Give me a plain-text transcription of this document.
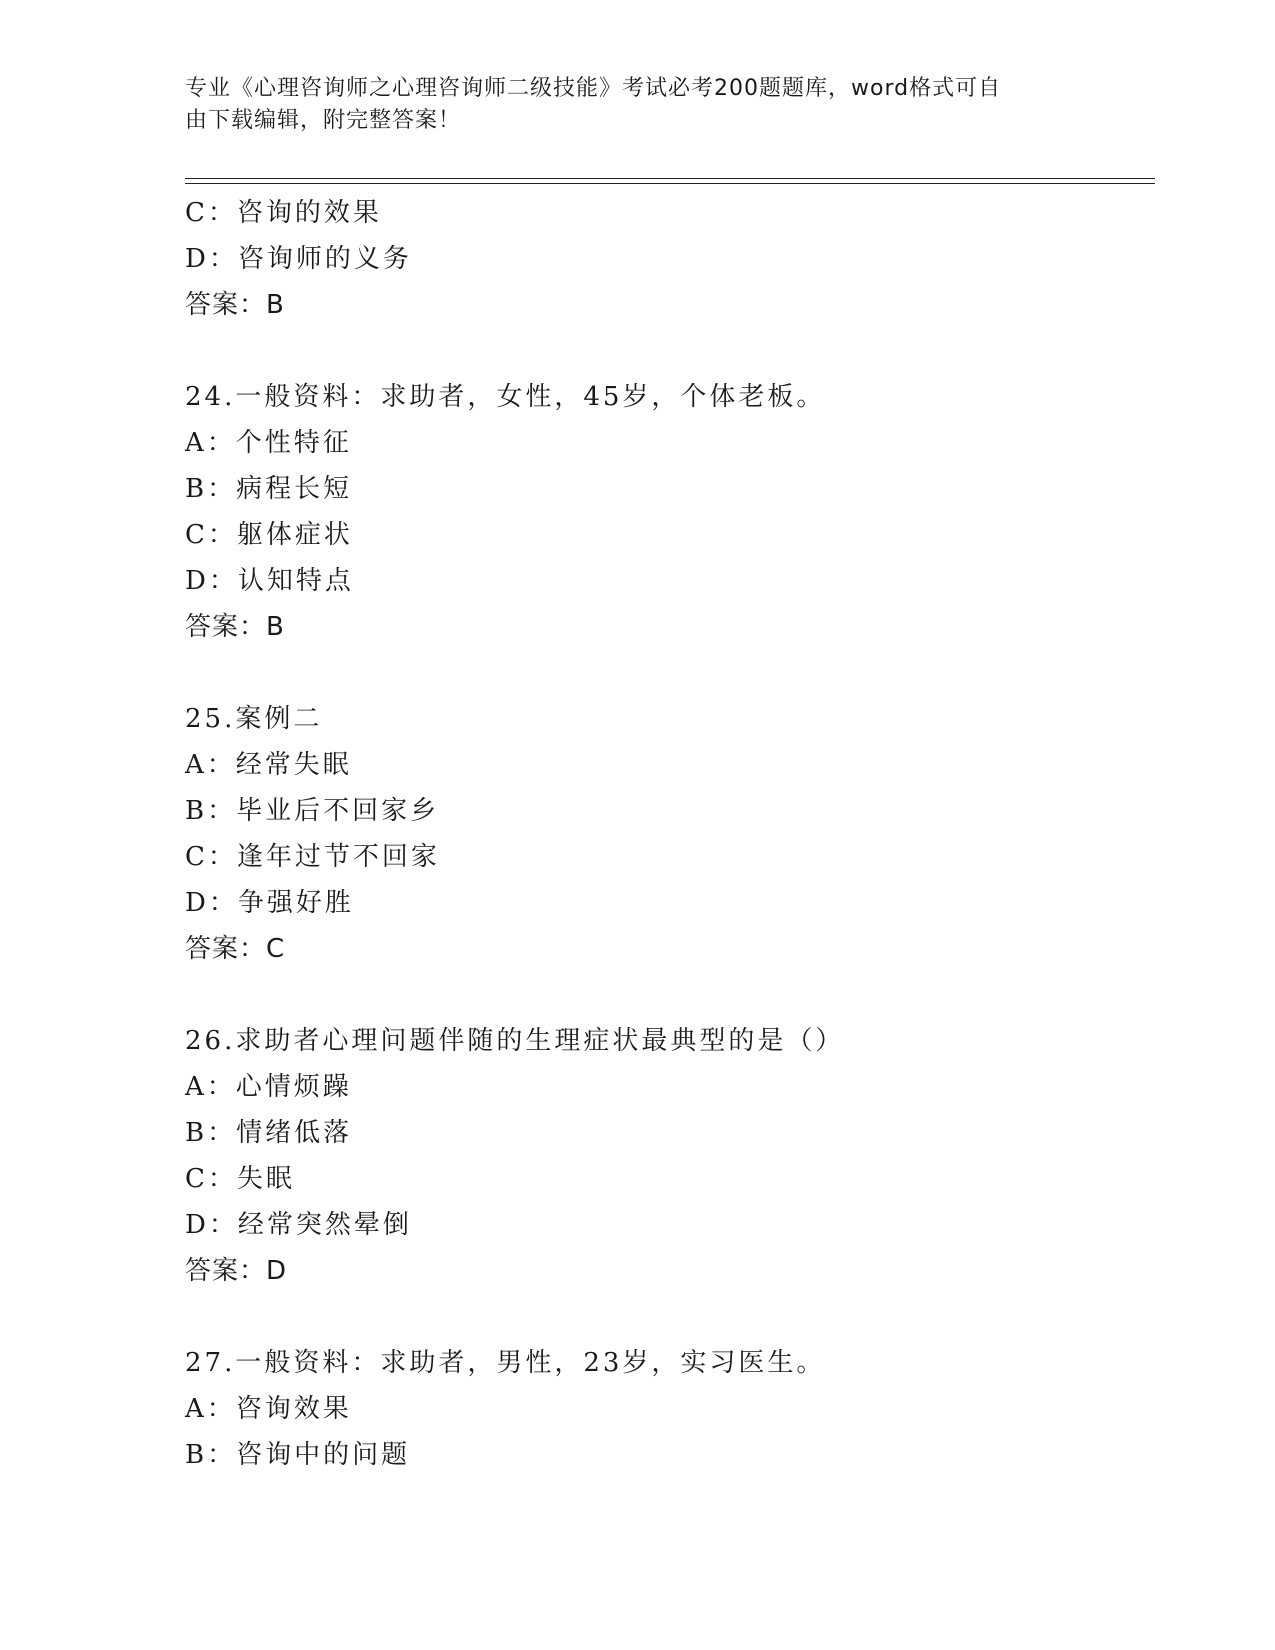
专业《心理咨询师之心理咨询师二级技能》考试必考200题题库，word格式可自
由下载编辑，附完整答案！
C：咨询的效果
D：咨询师的义务
答案：B
24.一般资料：求助者，女性，45岁，个体老板。
A：个性特征
B：病程长短
C：躯体症状
D：认知特点
答案：B
25.案例二
A：经常失眠
B：毕业后不回家乡
C：逢年过节不回家
D：争强好胜
答案：C
26.求助者心理问题伴随的生理症状最典型的是（）
A：心情烦躁
B：情绪低落
C：失眠
D：经常突然晕倒
答案：D
27.一般资料：求助者，男性，23岁，实习医生。
A：咨询效果
B：咨询中的问题
